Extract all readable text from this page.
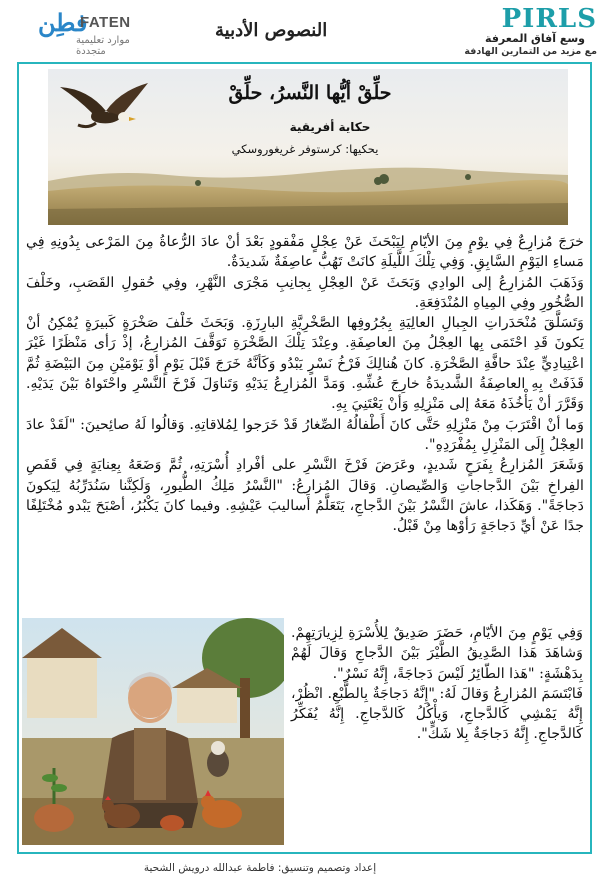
فطِن
FATEN
موارد تعليمية متجددة
النصوص الأدبية	PIRLS
وسع آفاق المعرفة
مع مزيد من التمارين الهادفة
حلِّقْ أيُّها النَّسرُ، حلِّقْ
حكاية أفريقية
يحكيها: كرستوفر غريغوروسكي

خرَجَ مُزارِعٌ فِي يوْمٍ مِنَ الأيّامِ لِيَبْحَثَ عَنْ عِجْلٍ مَفْقودٍ بَعْدَ أنْ عادَ الرُّعاةُ مِنَ المَرْعى بِدُونِهِ فِي مَساءِ اليَوْمِ السَّابِقِ. وَفِي تِلْكَ اللَّيلَةِ كانَتْ تَهُبُّ عاصِفَةٌ شَديدَةٌ.

وَذَهَبَ المُزارِعُ إلى الوادِي وَبَحَثَ عَنْ العِجْلِ بِجانِبِ مَجْرَى النَّهْرِ، وفِي حُقولِ القَصَبِ، وخَلْفَ الصُّخُورِ وفِي المِياهِ المُنْدَفِعَةِ.

وَتَسَلَّقَ مُنْحَدَراتِ الجِبالِ العالِيَةِ بِجُرُوفِها الصَّخْرِيَّةِ البارِزَةِ. وَبَحَثَ خَلْفَ صَخْرَةٍ كَبيرَةٍ يُمْكِنُ أنْ يَكونَ قَدِ احْتَمَى بِها العِجْلُ مِنَ العاصِفَةِ. وعِنْدَ تِلْكَ الصَّخْرَةِ تَوَقَّفَ المُزارِعُ، إذْ رَأى مَنْظَرًا غَيْرَ اعْتِيادِيٍّ عِنْدَ حافَّةِ الصَّخْرَةِ. كانَ هُنالِكَ فَرْخُ نَسْرٍ يَبْدُو وَكَأنَّهُ خَرَجَ قَبْلَ يَوْمٍ أوْ يَوْمَيْنِ مِنَ البَيْضَةِ ثُمَّ قَذَفَتْ بِهِ العاصِفَةُ الشَّديدَةُ خارِجَ عُشِّهِ. وَمَدَّ المُزارِعُ يَدَيْهِ وَتَناوَلَ فَرْخَ النَّسْرِ واحْتَواهُ بَيْنَ يَدَيْهِ. وَقَرَّرَ أنْ يَأْخُذَهُ مَعَهُ إلى مَنْزِلِهِ وَأنْ يَعْتَنِيَ بِهِ.

وَما أنْ اقْتَرَبَ مِنْ مَنْزِلِهِ حَتَّى كانَ أَطْفالُهُ الصِّغارُ قَدْ خَرَجوا لِمُلاقاتِهِ. وَقالُوا لَهُ صائِحينَ: "لَقَدْ عادَ العِجْلُ إِلَى المَنْزِلِ بِمُفْرَدِهِ".

وَشَعَرَ المُزارِعُ بِفَرَحٍ شَديدٍ، وعَرَضَ فَرْخَ النَّسْرِ على أفْرادِ أُسْرَتِهِ، ثُمَّ وَضَعَهُ بِعِنايَةٍ فِي قَفَصِ الفِراخِ بَيْنَ الدَّجاجاتِ وَالصِّيصانِ. وَقالَ المُزارِعُ: "النَّسْرُ مَلِكُ الطُّيورِ، وَلَكِنَّنا سَنُدَرِّبُهُ لِيَكونَ دَجاجَةً". وَهَكَذا، عاشَ النَّسْرُ بَيْنَ الدَّجاجِ، يَتَعَلَّمُ أساليبَ عَيْشِهِ. وفيما كانَ يَكْبُرُ، أصْبَحَ يَبْدو مُخْتَلِفًا جدًا عَنْ أيِّ دَجاجَةٍ رَأوْها مِنْ قَبْلُ.

وَفِي يَوْمٍ مِنَ الأيّامِ، حَضَرَ صَدِيقٌ لِلأُسْرَةِ لِزِيارَتِهِمْ. وَشاهَدَ هَذا الصَّدِيقُ الطَّيْرَ بَيْنَ الدَّجاجِ وَقالَ لَهُمْ بِدَهْشَةٍ: "هَذا الطّائِرُ لَيْسَ دَجاجَةً، إِنَّهُ نَسْرٌ".

فَابْتَسَمَ المُزارِعُ وَقالَ لَهُ: "إِنَّهُ دَجاجَةٌ بِالطَّبْعِ. انْظُرْ، إِنَّهُ يَمْشِي كَالدَّجاجِ، وَيأْكُلُ كَالدَّجاجِ. إِنَّهُ يُفَكِّرُ كَالدَّجاجِ. إِنَّهُ دَجاجَةٌ بِلا شَكٍّ".

إعداد وتصميم وتنسيق: فاطمة عبدالله درويش الشحية
